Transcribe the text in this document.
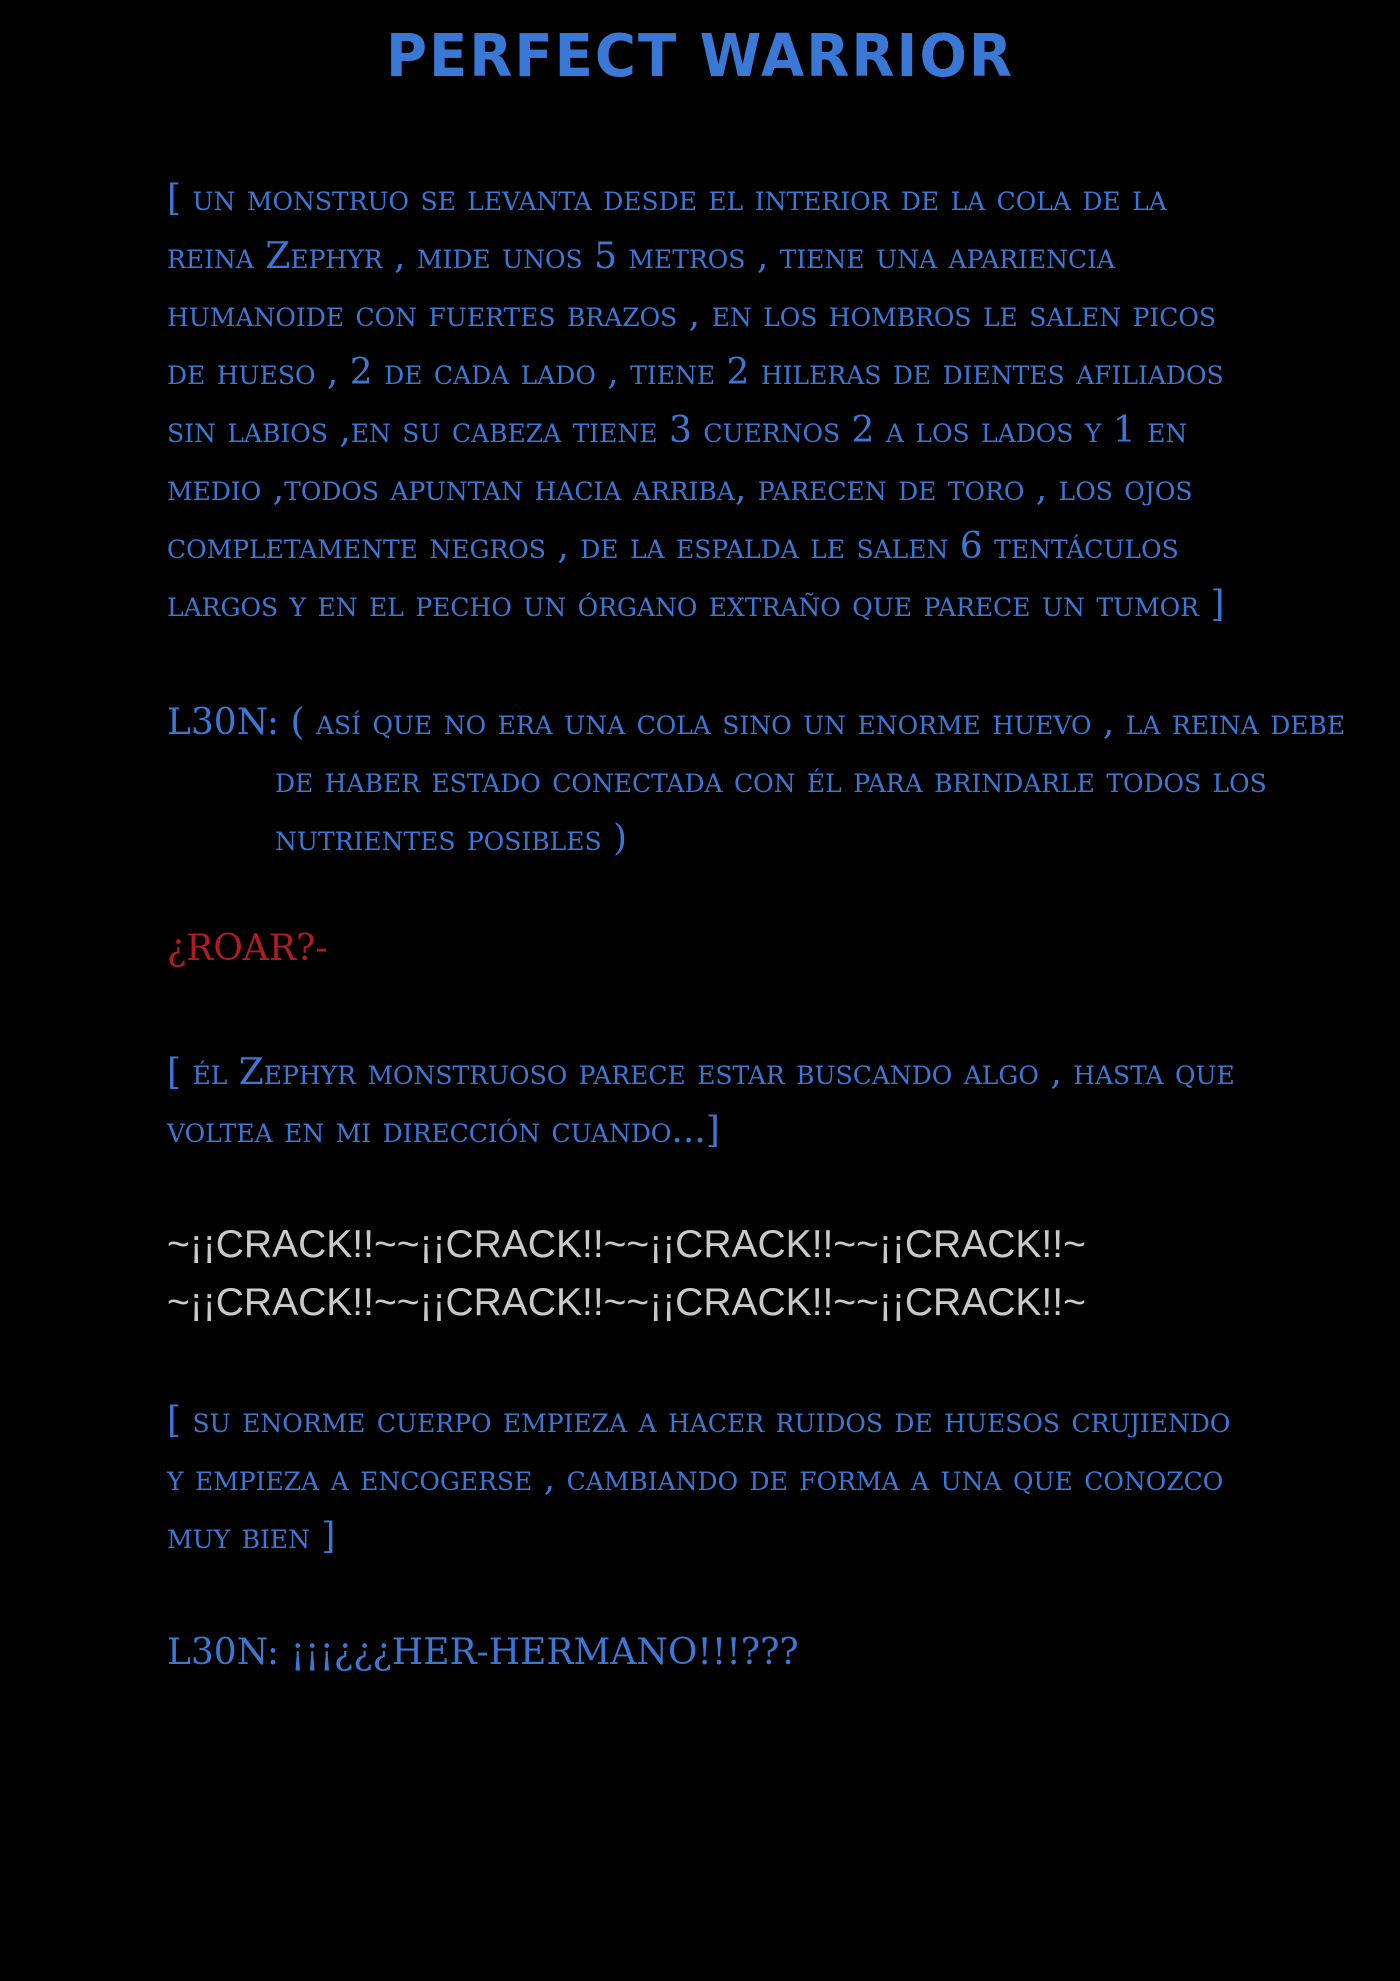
PERFECT WARRIOR
[ un monstruo se levanta desde el interior de la cola de la reina Zephyr , mide unos 5 metros , tiene una apariencia humanoide con fuertes brazos , en los hombros le salen picos de hueso , 2 de cada lado , tiene 2 hileras de dientes afiliados sin labios ,en su cabeza tiene 3 cuernos 2 a los lados y 1 en medio ,todos apuntan hacia arriba, parecen de toro , los ojos completamente negros , de la espalda le salen 6 tentáculos largos y en el pecho un órgano extraño que parece un tumor ]
L30N: ( así que no era una cola sino un enorme huevo , la reina debe de haber estado conectada con él para brindarle todos los nutrientes posibles )
¿ROAR?-
[ él Zephyr monstruoso parece estar buscando algo , hasta que voltea en mi dirección cuando...]
~¡¡CRACK!!~~¡¡CRACK!!~~¡¡CRACK!!~~¡¡CRACK!!~
~¡¡CRACK!!~~¡¡CRACK!!~~¡¡CRACK!!~~¡¡CRACK!!~
[ su enorme cuerpo empieza a hacer ruidos de huesos crujiendo y empieza a encogerse , cambiando de forma a una que conozco muy bien ]
L30N: ¡¡¡¿¿¿HER-HERMANO!!!???
